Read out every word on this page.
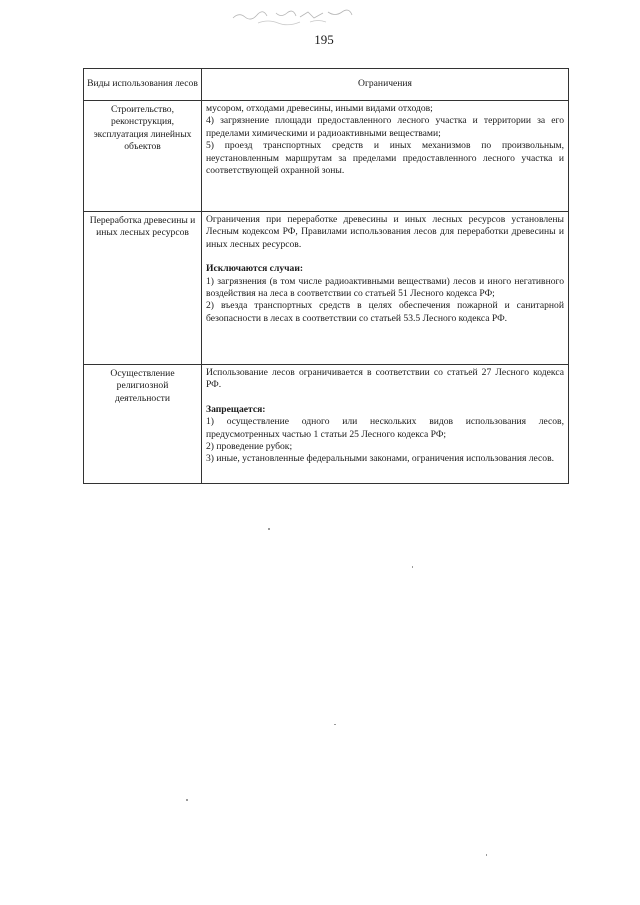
195
Виды использования лесов	Ограничения
Строительство, реконструкция, эксплуатация линейных объектов	мусором, отходами древесины, иными видами отходов;

4) загрязнение площади предоставленного лесного участка и территории за его пределами химическими и радиоактивными веществами;

5) проезд транспортных средств и иных механизмов по произвольным, неустановленным маршрутам за пределами предоставленного лесного участка и соответствующей охранной зоны.

Переработка древесины и иных лесных ресурсов	Ограничения при переработке древесины и иных лесных ресурсов установлены Лесным кодексом РФ, Правилами использования лесов для переработки древесины и иных лесных ресурсов.

Исключаются случаи:

1) загрязнения (в том числе радиоактивными веществами) лесов и иного негативного воздействия на леса в соответствии со статьей 51 Лесного кодекса РФ;

2) въезда транспортных средств в целях обеспечения пожарной и санитарной безопасности в лесах в соответствии со статьей 53.5 Лесного кодекса РФ.

Осуществление религиозной деятельности	Использование лесов ограничивается в соответствии со статьей 27 Лесного кодекса РФ.

Запрещается:

1) осуществление одного или нескольких видов использования лесов, предусмотренных частью 1 статьи 25 Лесного кодекса РФ;

2) проведение рубок;

3) иные, установленные федеральными законами, ограничения использования лесов.
